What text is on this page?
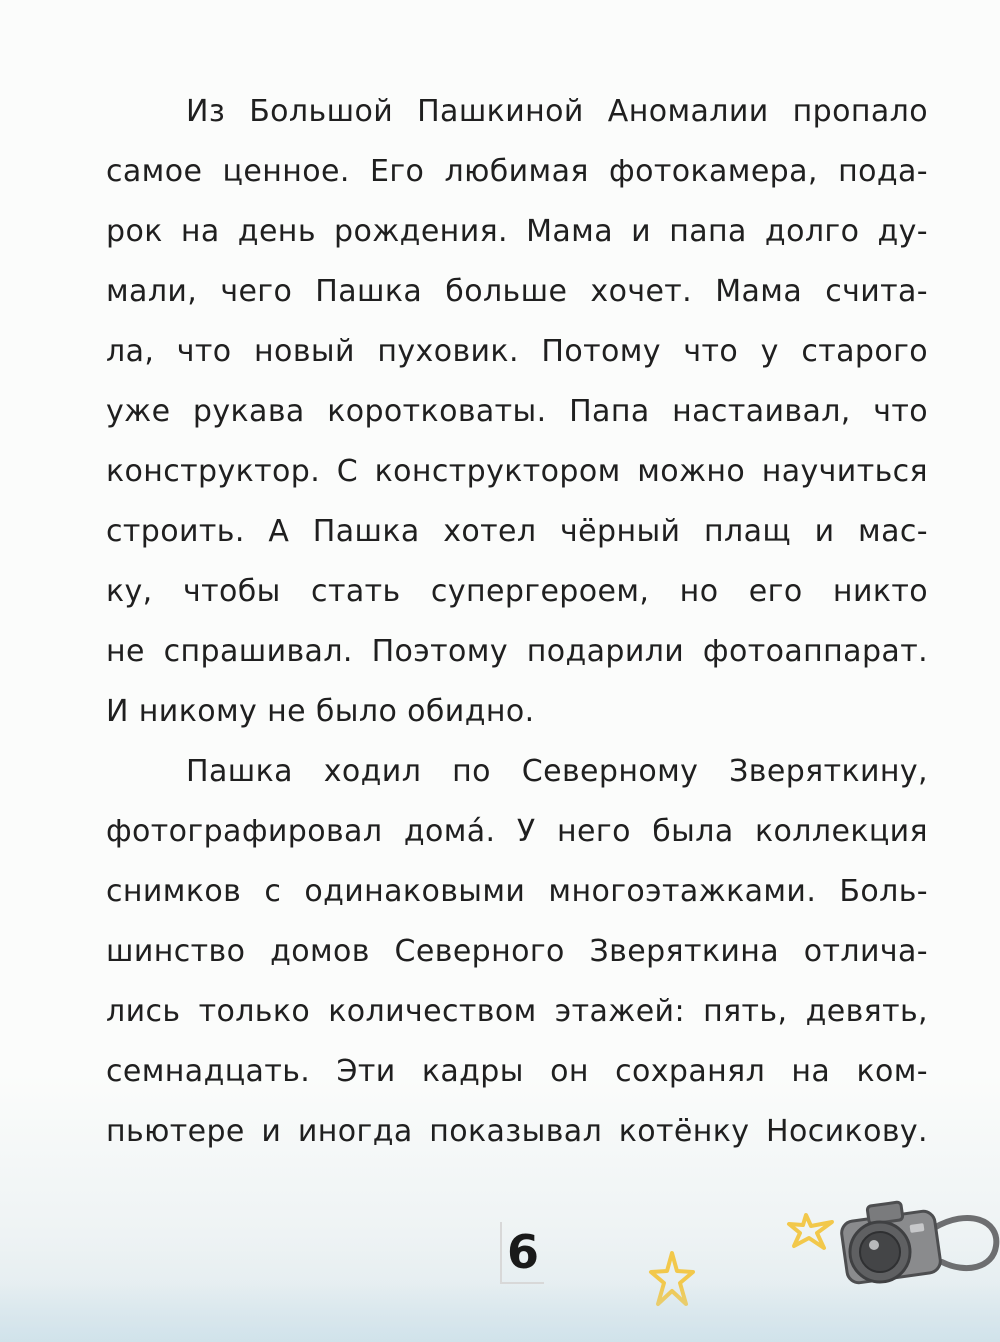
Из Большой Пашкиной Аномалии пропало
самое ценное. Его любимая фотокамера, пода-
рок на день рождения. Мама и папа долго ду-
мали, чего Пашка больше хочет. Мама счита-
ла, что новый пуховик. Потому что у старого
уже рукава коротковаты. Папа настаивал, что
конструктор. С конструктором можно научиться
строить. А Пашка хотел чёрный плащ и мас-
ку, чтобы стать супергероем, но его никто
не спрашивал. Поэтому подарили фотоаппарат.
И никому не было обидно.
Пашка ходил по Северному Зверяткину,
фотографировал домá. У него была коллекция
снимков с одинаковыми многоэтажками. Боль-
шинство домов Северного Зверяткина отлича-
лись только количеством этажей: пять, девять,
семнадцать. Эти кадры он сохранял на ком-
пьютере и иногда показывал котёнку Носикову.
6
